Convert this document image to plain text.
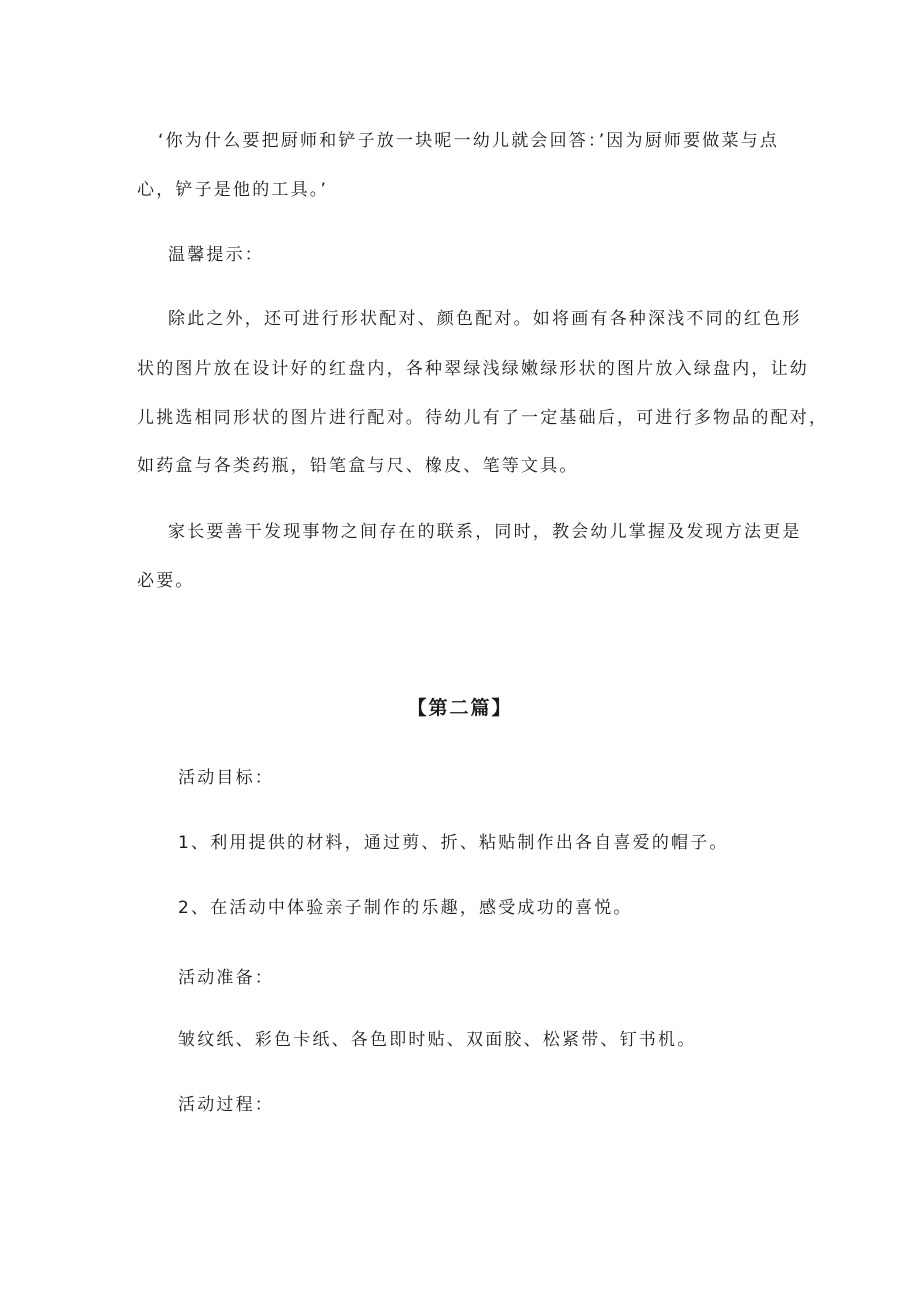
‘你为什么要把厨师和铲子放一块呢一幼儿就会回答：’因为厨师要做菜与点

心，铲子是他的工具。’

温馨提示：

除此之外，还可进行形状配对、颜色配对。如将画有各种深浅不同的红色形

状的图片放在设计好的红盘内，各种翠绿浅绿嫩绿形状的图片放入绿盘内，让幼

儿挑选相同形状的图片进行配对。待幼儿有了一定基础后，可进行多物品的配对，

如药盒与各类药瓶，铅笔盒与尺、橡皮、笔等文具。

家长要善干发现事物之间存在的联系，同时，教会幼儿掌握及发现方法更是

必要。

【第二篇】

活动目标：

1、利用提供的材料，通过剪、折、粘贴制作出各自喜爱的帽子。

2、在活动中体验亲子制作的乐趣，感受成功的喜悦。

活动准备：

皱纹纸、彩色卡纸、各色即时贴、双面胶、松紧带、钉书机。

活动过程：
